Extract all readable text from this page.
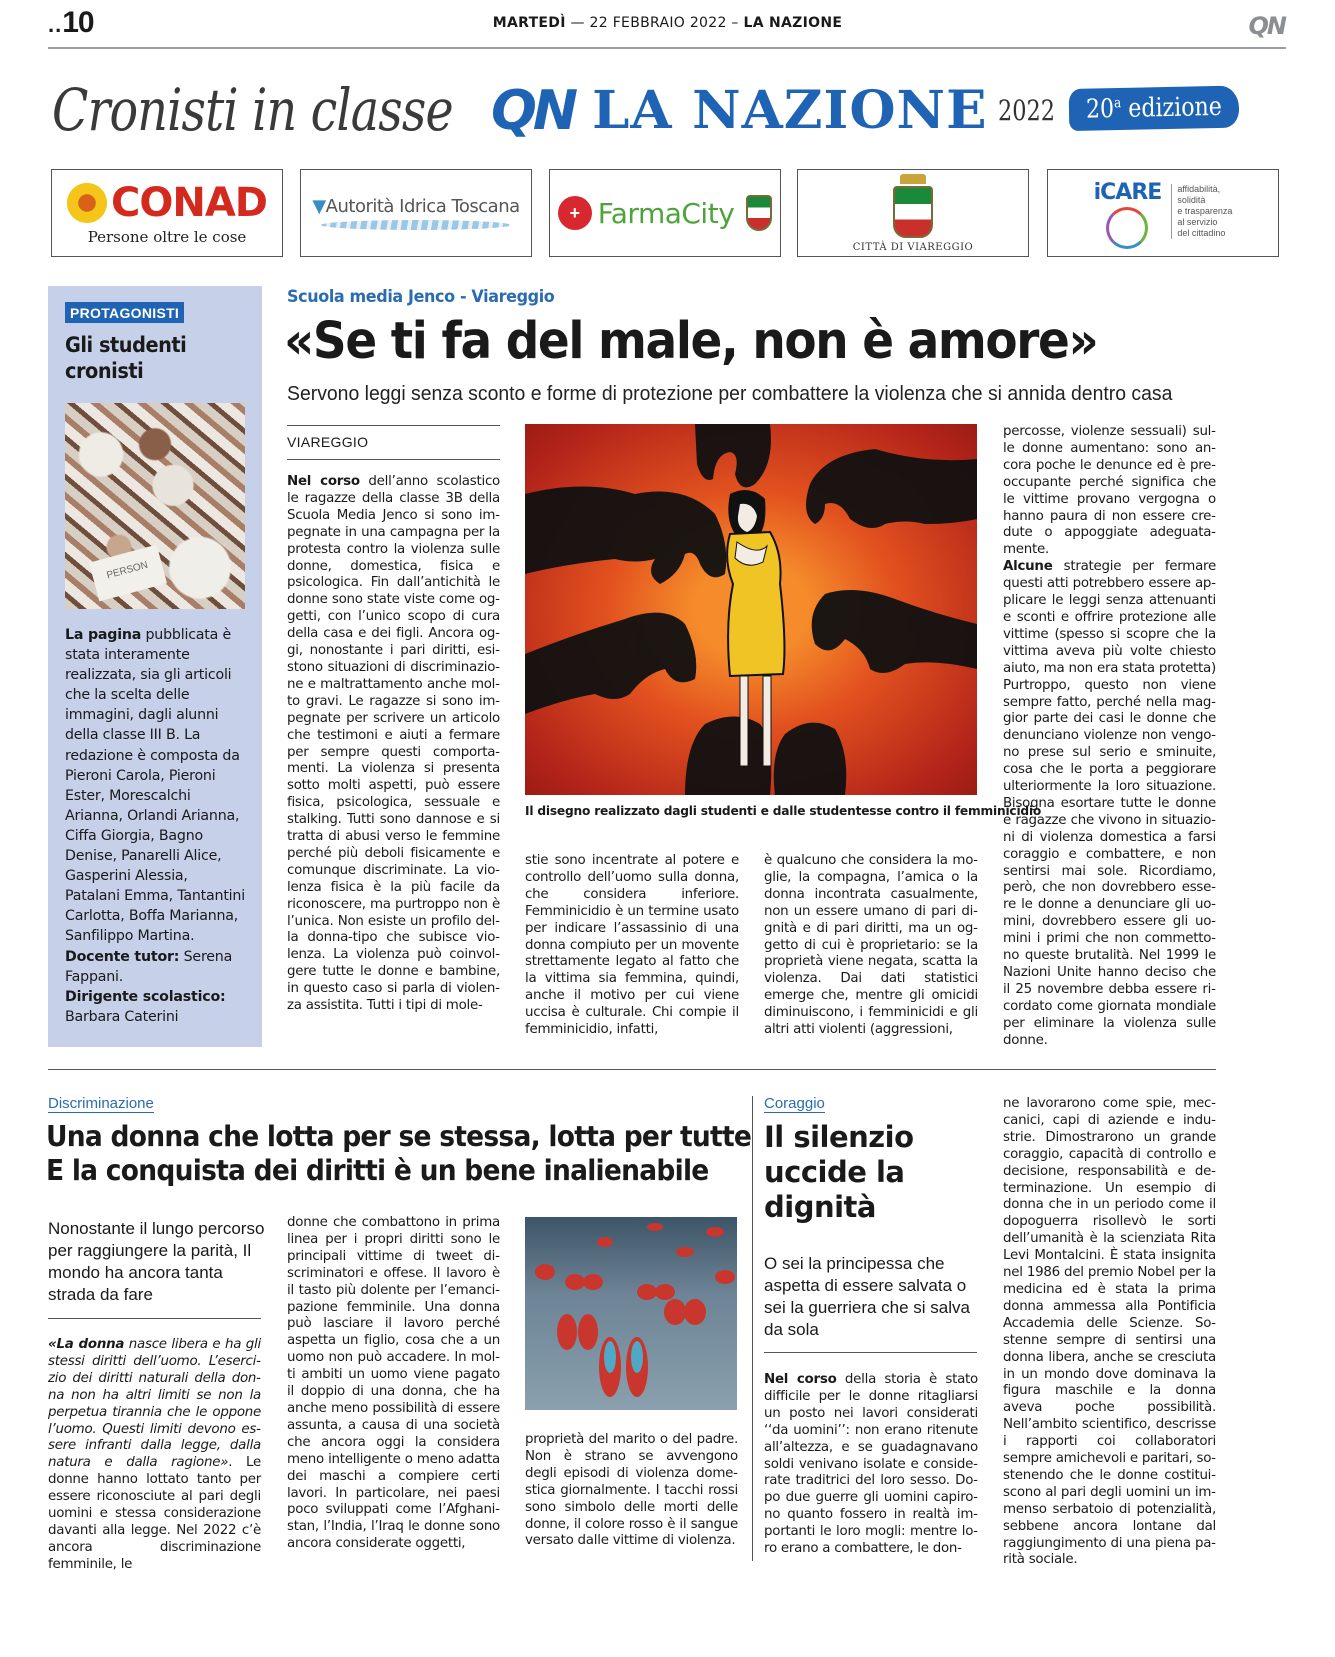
..10	MARTEDÌ — 22 FEBBRAIO 2022 – LA NAZIONE	QN
Cronisti in classe QN LA NAZIONE 2022	20$^a$ edizione
CONAD
Persone oltre le cose
▼Autorità Idrica Toscana	+ FarmaCity
CITTÀ DI VIAREGGIO
iCARE	affidabilità,
solidità
e trasparenza
al servizio
del cittadino
PROTAGONISTI
Gli studenti cronisti
PERSON
La pagina pubblicata è stata interamente realizzata, sia gli articoli che la scelta delle immagini, dagli alunni della classe III B. La redazione è composta da Pieroni Carola, Pieroni Ester, Morescalchi Arianna, Orlandi Arianna, Ciffa Giorgia, Bagno Denise, Panarelli Alice, Gasperini Alessia, Patalani Emma, Tantantini Carlotta, Boffa Marianna, Sanfilippo Martina.
Docente tutor: Serena Fappani.
Dirigente scolastico:
Barbara Caterini
Scuola media Jenco - Viareggio
«Se ti fa del male, non è amore»
Servono leggi senza sconto e forme di protezione per combattere la violenza che si annida dentro casa
VIAREGGIO
Nel corso dell’anno scolastico le ragazze della classe 3B della Scuola Media Jenco si sono impegnate in una campagna per la protesta contro la violenza sulle donne, domestica, fisica e psicologica. Fin dall’antichità le donne sono state viste come oggetti, con l’unico scopo di cura della casa e dei figli. Ancora oggi, nonostante i pari diritti, esistono situazioni di discriminazione e maltrattamento anche molto gravi. Le ragazze si sono impegnate per scrivere un articolo che testimoni e aiuti a fermare per sempre questi comportamenti. La violenza si presenta sotto molti aspetti, può essere fisica, psicologica, sessuale e stalking. Tutti sono dannose e si tratta di abusi verso le femmine perché più deboli fisicamente e comunque discriminate. La violenza fisica è la più facile da riconoscere, ma purtroppo non è l’unica. Non esiste un profilo della donna-tipo che subisce violenza. La violenza può coinvolgere tutte le donne e bambine, in questo caso si parla di violenza assistita. Tutti i tipi di mole-
Il disegno realizzato dagli studenti e dalle studentesse contro il femminicidio
stie sono incentrate al potere e controllo dell’uomo sulla donna, che considera inferiore. Femminicidio è un termine usato per indicare l’assassinio di una donna compiuto per un movente strettamente legato al fatto che la vittima sia femmina, quindi, anche il motivo per cui viene uccisa è culturale. Chi compie il femminicidio, infatti,
è qualcuno che considera la moglie, la compagna, l’amica o la donna incontrata casualmente, non un essere umano di pari dignità e di pari diritti, ma un oggetto di cui è proprietario: se la proprietà viene negata, scatta la violenza. Dai dati statistici emerge che, mentre gli omicidi diminuiscono, i femminicidi e gli altri atti violenti (aggressioni,
percosse, violenze sessuali) sulle donne aumentano: sono ancora poche le denunce ed è preoccupante perché significa che le vittime provano vergogna o hanno paura di non essere credute o appoggiate adeguatamente.
Alcune strategie per fermare questi atti potrebbero essere applicare le leggi senza attenuanti e sconti e offrire protezione alle vittime (spesso si scopre che la vittima aveva più volte chiesto aiuto, ma non era stata protetta) Purtroppo, questo non viene sempre fatto, perché nella maggior parte dei casi le donne che denunciano violenze non vengono prese sul serio e sminuite, cosa che le porta a peggiorare ulteriormente la loro situazione. Bisogna esortare tutte le donne e ragazze che vivono in situazioni di violenza domestica a farsi coraggio e combattere, e non sentirsi mai sole. Ricordiamo, però, che non dovrebbero essere le donne a denunciare gli uomini, dovrebbero essere gli uomini i primi che non commettono queste brutalità. Nel 1999 le Nazioni Unite hanno deciso che il 25 novembre debba essere ricordato come giornata mondiale per eliminare la violenza sulle donne.
Discriminazione
Una donna che lotta per se stessa, lotta per tutte
E la conquista dei diritti è un bene inalienabile
Nonostante il lungo percorso per raggiungere la parità, Il mondo ha ancora tanta strada da fare
«La donna nasce libera e ha gli stessi diritti dell’uomo. L’esercizio dei diritti naturali della donna non ha altri limiti se non la perpetua tirannia che le oppone l’uomo. Questi limiti devono essere infranti dalla legge, dalla natura e dalla ragione». Le donne hanno lottato tanto per essere riconosciute al pari degli uomini e stessa considerazione davanti alla legge. Nel 2022 c’è ancora discriminazione femminile, le
donne che combattono in prima linea per i propri diritti sono le principali vittime di tweet discriminatori e offese. Il lavoro è il tasto più dolente per l’emancipazione femminile. Una donna può lasciare il lavoro perché aspetta un figlio, cosa che a un uomo non può accadere. In molti ambiti un uomo viene pagato il doppio di una donna, che ha anche meno possibilità di essere assunta, a causa di una società che ancora oggi la considera meno intelligente o meno adatta dei maschi a compiere certi lavori. In particolare, nei paesi poco sviluppati come l’Afghanistan, l’India, l’Iraq le donne sono ancora considerate oggetti,
proprietà del marito o del padre. Non è strano se avvengono degli episodi di violenza domestica giornalmente. I tacchi rossi sono simbolo delle morti delle donne, il colore rosso è il sangue versato dalle vittime di violenza.
Coraggio
Il silenzio uccide la dignità
O sei la principessa che aspetta di essere salvata o sei la guerriera che si salva da sola
Nel corso della storia è stato difficile per le donne ritagliarsi un posto nei lavori considerati ‘‘da uomini’’: non erano ritenute all’altezza, e se guadagnavano soldi venivano isolate e considerate traditrici del loro sesso. Dopo due guerre gli uomini capirono quanto fossero in realtà importanti le loro mogli: mentre loro erano a combattere, le don-
ne lavorarono come spie, meccanici, capi di aziende e industrie. Dimostrarono un grande coraggio, capacità di controllo e decisione, responsabilità e determinazione. Un esempio di donna che in un periodo come il dopoguerra risollevò le sorti dell’umanità è la scienziata Rita Levi Montalcini. È stata insignita nel 1986 del premio Nobel per la medicina ed è stata la prima donna ammessa alla Pontificia Accademia delle Scienze. Sostenne sempre di sentirsi una donna libera, anche se cresciuta in un mondo dove dominava la figura maschile e la donna aveva poche possibilità. Nell’ambito scientifico, descrisse i rapporti coi collaboratori sempre amichevoli e paritari, sostenendo che le donne costituiscono al pari degli uomini un immenso serbatoio di potenzialità, sebbene ancora lontane dal raggiungimento di una piena parità sociale.
